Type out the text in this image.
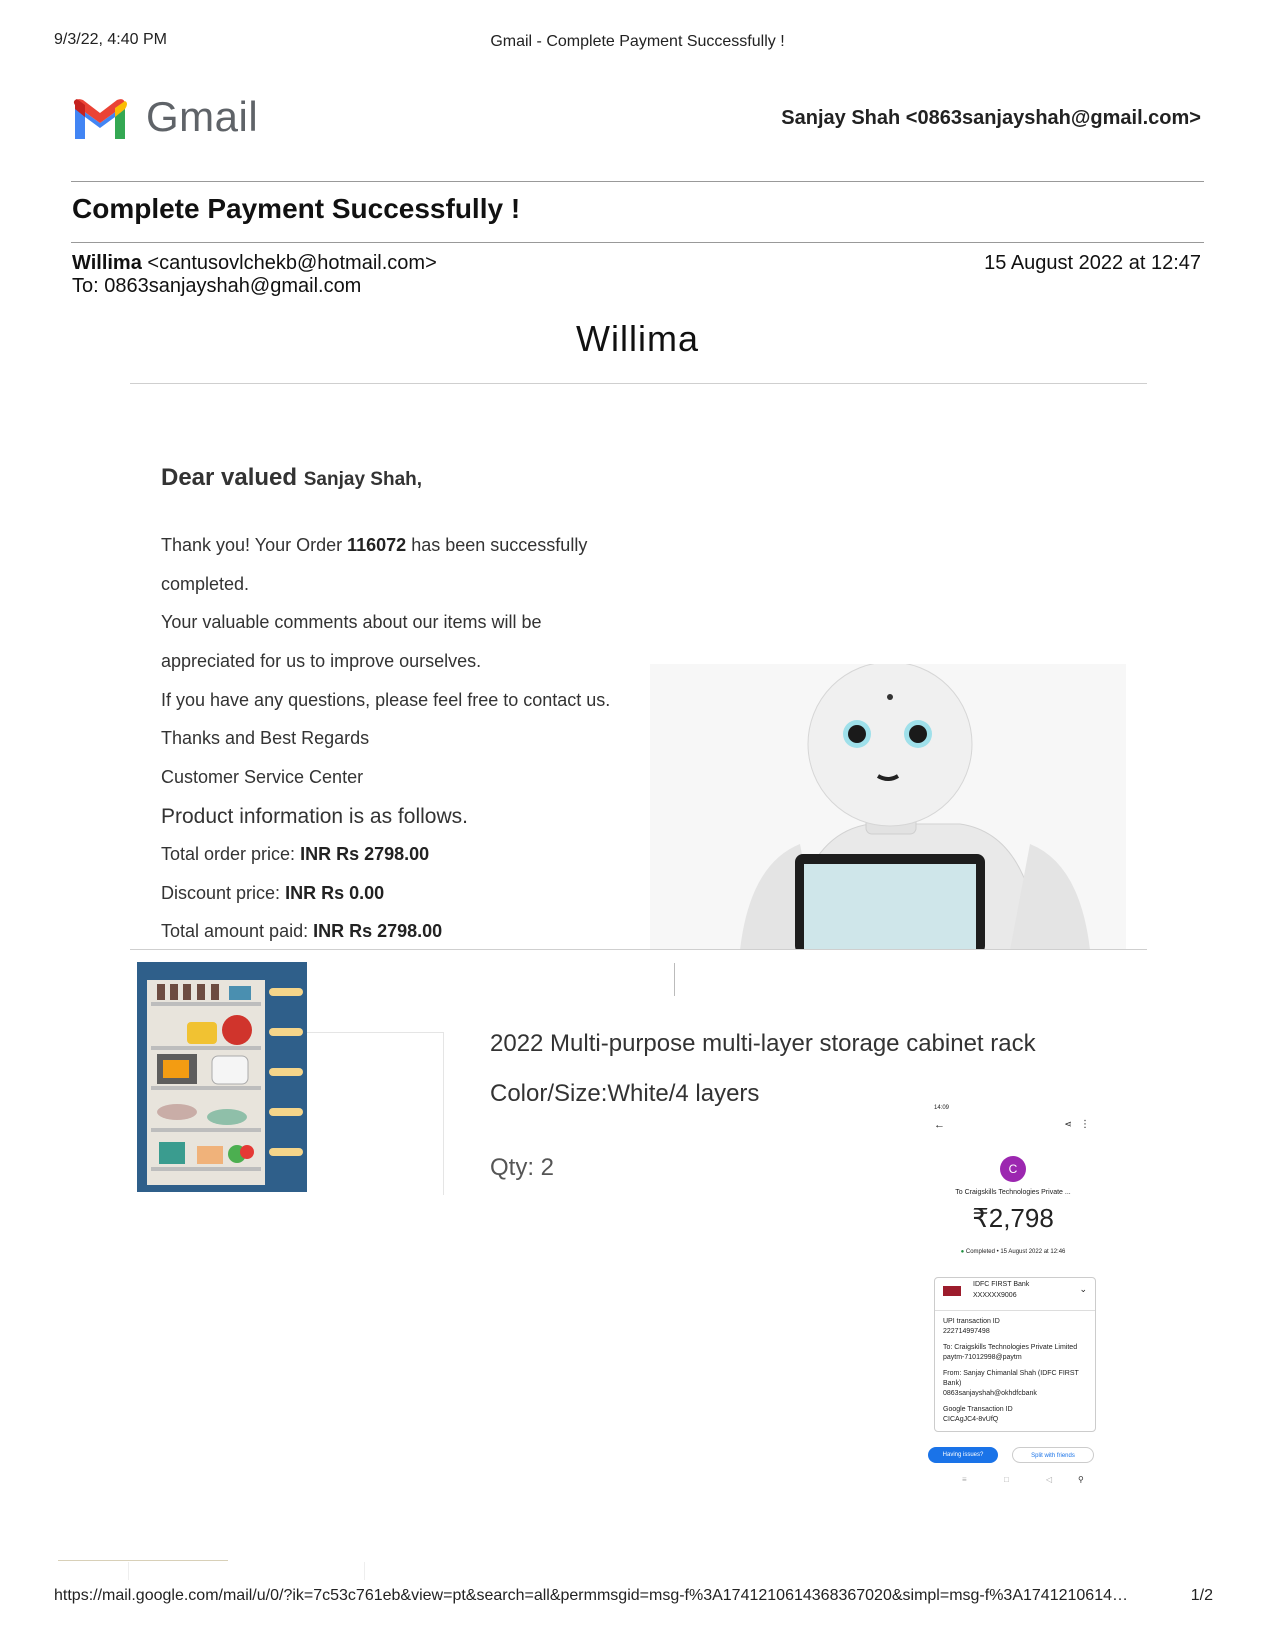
9/3/22, 4:40 PM	Gmail - Complete Payment Successfully !
Gmail	Sanjay Shah <0863sanjayshah@gmail.com>
Complete Payment Successfully !
Willima <cantusovlchekb@hotmail.com>
To: 0863sanjayshah@gmail.com
15 August 2022 at 12:47
Willima
Dear valued Sanjay Shah,
Thank you! Your Order 116072 has been successfully
completed.
Your valuable comments about our items will be
appreciated for us to improve ourselves.
If you have any questions, please feel free to contact us.
Thanks and Best Regards
Customer Service Center
Product information is as follows.
Total order price: INR Rs 2798.00
Discount price: INR Rs 0.00
Total amount paid: INR Rs 2798.00
2022 Multi-purpose multi-layer storage cabinet rack
Color/Size:White/4 layers
Qty: 2
14:09
←	⋖ ⋮
C
To Craigskills Technologies Private ...
₹2,798
● Completed • 15 August 2022 at 12:46
IDFC FIRST Bank
XXXXXX9006
⌄
UPI transaction ID
222714997498
To: Craigskills Technologies Private Limited
paytm-71012998@paytm
From: Sanjay Chimanlal Shah (IDFC FIRST Bank)
0863sanjayshah@okhdfcbank
Google Transaction ID
CICAgJC4-8vUfQ
Having issues?	Split with friends
≡	□	◁	⚲
https://mail.google.com/mail/u/0/?ik=7c53c761eb&view=pt&search=all&permmsgid=msg-f%3A1741210614368367020&simpl=msg-f%3A1741210614…	1/2
